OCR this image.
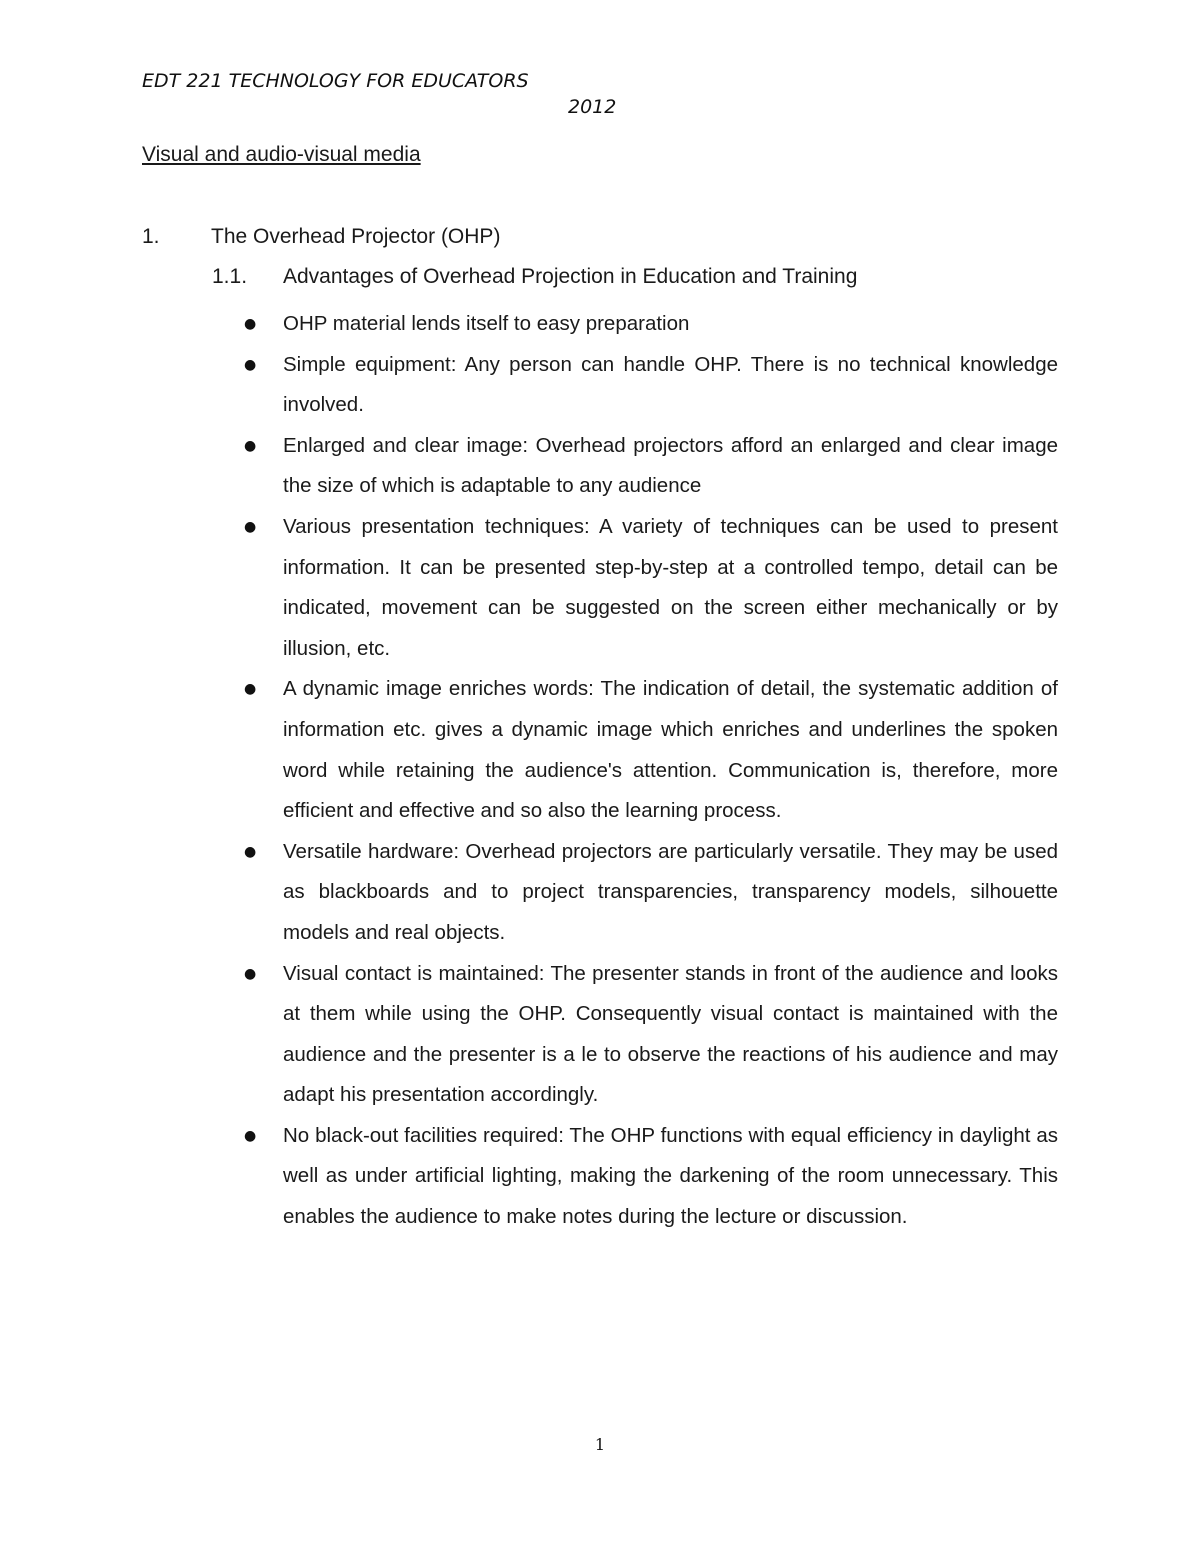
EDT 221 TECHNOLOGY FOR EDUCATORS
2012
Visual and audio-visual media
1. The Overhead Projector (OHP)
1.1. Advantages of Overhead Projection in Education and Training
●	OHP material lends itself to easy preparation
●	Simple equipment: Any person can handle OHP. There is no technical knowledge involved.
●	Enlarged and clear image: Overhead projectors afford an enlarged and clear image the size of which is adaptable to any audience
●	Various presentation techniques: A variety of techniques can be used to present information. It can be presented step-by-step at a controlled tempo, detail can be indicated, movement can be suggested on the screen either mechanically or by illusion, etc.
●	A dynamic image enriches words: The indication of detail, the systematic addition of information etc. gives a dynamic image which enriches and underlines the spoken word while retaining the audience's attention. Communication is, therefore, more efficient and effective and so also the learning process.
●	Versatile hardware: Overhead projectors are particularly versatile. They may be used as blackboards and to project transparencies, transparency models, silhouette models and real objects.
●	Visual contact is maintained: The presenter stands in front of the audience and looks at them while using the OHP. Consequently visual contact is maintained with the audience and the presenter is a le to observe the reactions of his audience and may adapt his presentation accordingly.
●	No black-out facilities required: The OHP functions with equal efficiency in daylight as well as under artificial lighting, making the darkening of the room unnecessary. This enables the audience to make notes during the lecture or discussion.
1
